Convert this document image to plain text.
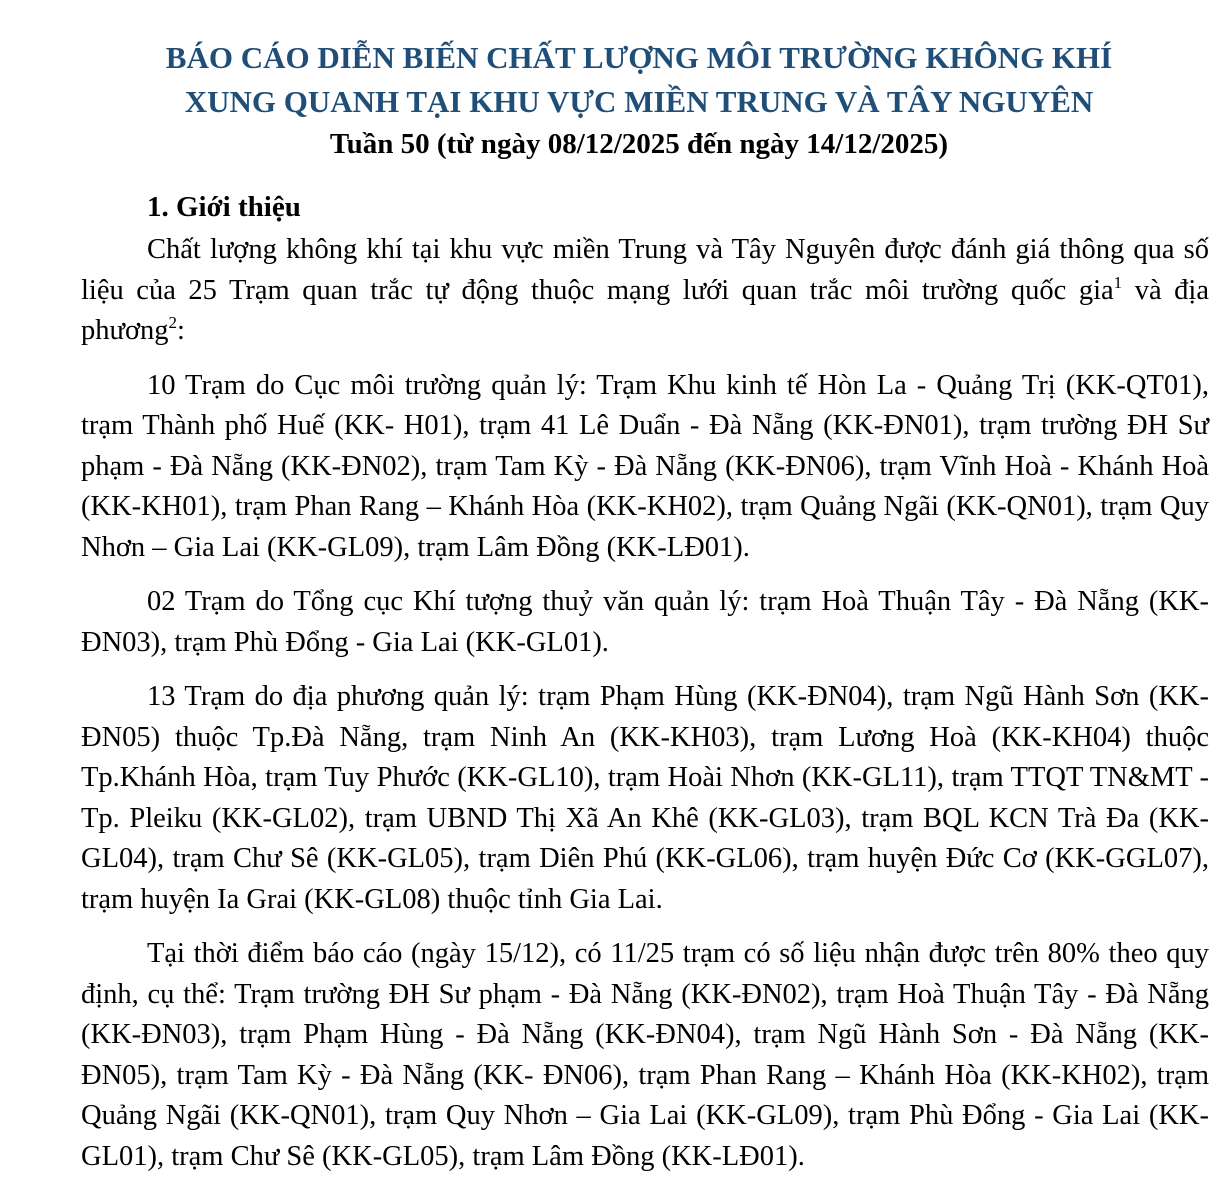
BÁO CÁO DIỄN BIẾN CHẤT LƯỢNG MÔI TRƯỜNG KHÔNG KHÍ
XUNG QUANH TẠI KHU VỰC MIỀN TRUNG VÀ TÂY NGUYÊN
Tuần 50 (từ ngày 08/12/2025 đến ngày 14/12/2025)
1. Giới thiệu

Chất lượng không khí tại khu vực miền Trung và Tây Nguyên được đánh giá thông qua số liệu của 25 Trạm quan trắc tự động thuộc mạng lưới quan trắc môi trường quốc gia$^1$ và địa phương$^2$:

10 Trạm do Cục môi trường quản lý: Trạm Khu kinh tế Hòn La - Quảng Trị (KK-QT01), trạm Thành phố Huế (KK- H01), trạm 41 Lê Duẩn - Đà Nẵng (KK-ĐN01), trạm trường ĐH Sư phạm - Đà Nẵng (KK-ĐN02), trạm Tam Kỳ - Đà Nẵng (KK-ĐN06), trạm Vĩnh Hoà - Khánh Hoà (KK-KH01), trạm Phan Rang – Khánh Hòa (KK-KH02), trạm Quảng Ngãi (KK-QN01), trạm Quy Nhơn – Gia Lai (KK-GL09), trạm Lâm Đồng (KK-LĐ01).

02 Trạm do Tổng cục Khí tượng thuỷ văn quản lý: trạm Hoà Thuận Tây - Đà Nẵng (KK-ĐN03), trạm Phù Đổng - Gia Lai (KK-GL01).

13 Trạm do địa phương quản lý: trạm Phạm Hùng (KK-ĐN04), trạm Ngũ Hành Sơn (KK-ĐN05) thuộc Tp.Đà Nẵng, trạm Ninh An (KK-KH03), trạm Lương Hoà (KK-KH04) thuộc Tp.Khánh Hòa, trạm Tuy Phước (KK-GL10), trạm Hoài Nhơn (KK-GL11), trạm TTQT TN&MT - Tp. Pleiku (KK-GL02), trạm UBND Thị Xã An Khê (KK-GL03), trạm BQL KCN Trà Đa (KK-GL04), trạm Chư Sê (KK-GL05), trạm Diên Phú (KK-GL06), trạm huyện Đức Cơ (KK-GGL07), trạm huyện Ia Grai (KK-GL08) thuộc tỉnh Gia Lai.

Tại thời điểm báo cáo (ngày 15/12), có 11/25 trạm có số liệu nhận được trên 80% theo quy định, cụ thể: Trạm trường ĐH Sư phạm - Đà Nẵng (KK-ĐN02), trạm Hoà Thuận Tây - Đà Nẵng (KK-ĐN03), trạm Phạm Hùng - Đà Nẵng (KK-ĐN04), trạm Ngũ Hành Sơn - Đà Nẵng (KK-ĐN05), trạm Tam Kỳ - Đà Nẵng (KK- ĐN06), trạm Phan Rang – Khánh Hòa (KK-KH02), trạm Quảng Ngãi (KK-QN01), trạm Quy Nhơn – Gia Lai (KK-GL09), trạm Phù Đổng - Gia Lai (KK-GL01), trạm Chư Sê (KK-GL05), trạm Lâm Đồng (KK-LĐ01).
